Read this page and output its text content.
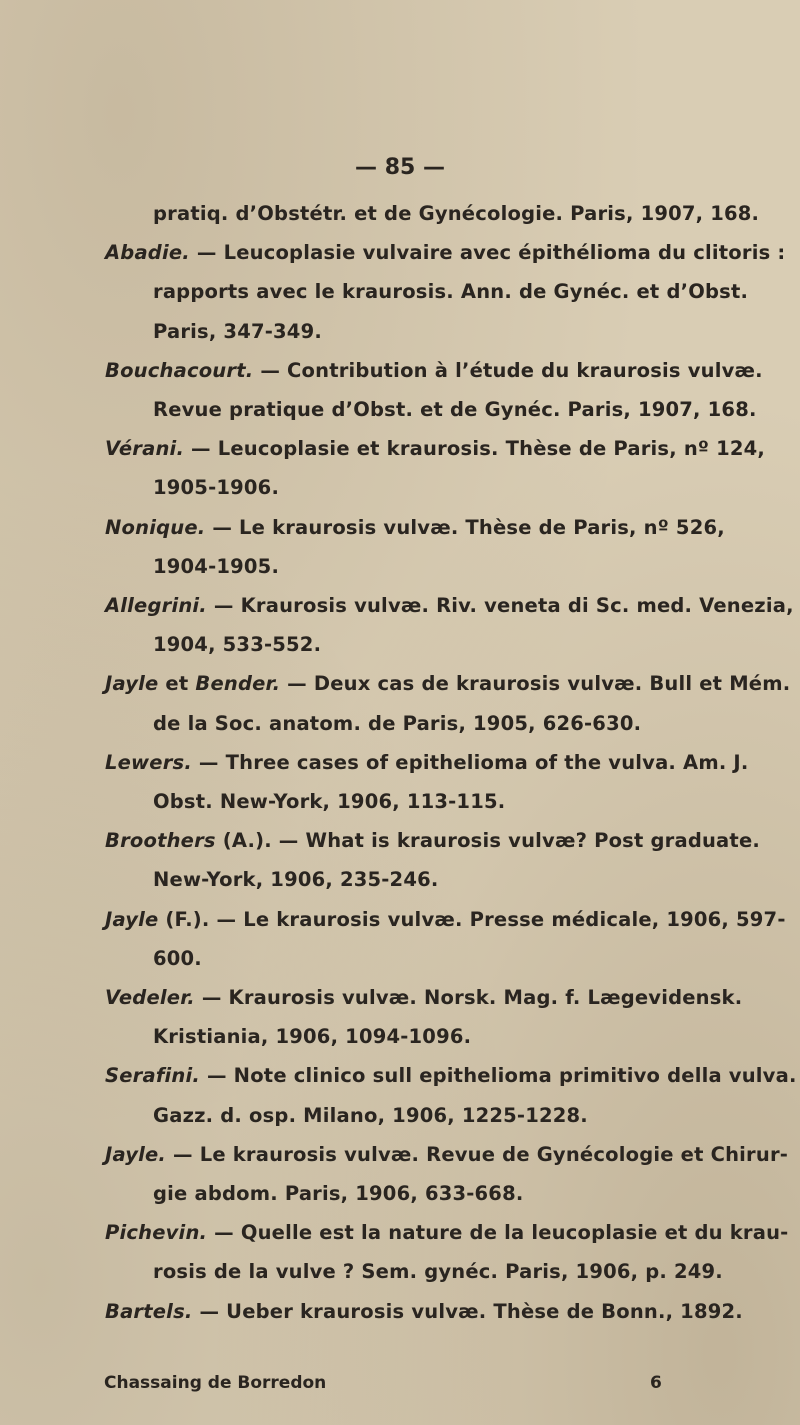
— 85 —
pratiq. d’Obstétr. et de Gynécologie. Paris, 1907, 168.
Abadie. — Leucoplasie vulvaire avec épithélioma du clitoris :
rapports avec le kraurosis. Ann. de Gynéc. et d’Obst.
Paris, 347-349.
Bouchacourt. — Contribution à l’étude du kraurosis vulvæ.
Revue pratique d’Obst. et de Gynéc. Paris, 1907, 168.
Vérani. — Leucoplasie et kraurosis. Thèse de Paris, nº 124,
1905-1906.
Nonique. — Le kraurosis vulvæ. Thèse de Paris, nº 526,
1904-1905.
Allegrini. — Kraurosis vulvæ. Riv. veneta di Sc. med. Venezia,
1904, 533-552.
Jayle et Bender. — Deux cas de kraurosis vulvæ. Bull et Mém.
de la Soc. anatom. de Paris, 1905, 626-630.
Lewers. — Three cases of epithelioma of the vulva. Am. J.
Obst. New-York, 1906, 113-115.
Broothers (A.). — What is kraurosis vulvæ? Post graduate.
New-York, 1906, 235-246.
Jayle (F.). — Le kraurosis vulvæ. Presse médicale, 1906, 597-
600.
Vedeler. — Kraurosis vulvæ. Norsk. Mag. f. Lægevidensk.
Kristiania, 1906, 1094-1096.
Serafini. — Note clinico sull epithelioma primitivo della vulva.
Gazz. d. osp. Milano, 1906, 1225-1228.
Jayle. — Le kraurosis vulvæ. Revue de Gynécologie et Chirur-
gie abdom. Paris, 1906, 633-668.
Pichevin. — Quelle est la nature de la leucoplasie et du krau-
rosis de la vulve ? Sem. gynéc. Paris, 1906, p. 249.
Bartels. — Ueber kraurosis vulvæ. Thèse de Bonn., 1892.
Chassaing de Borredon	6
